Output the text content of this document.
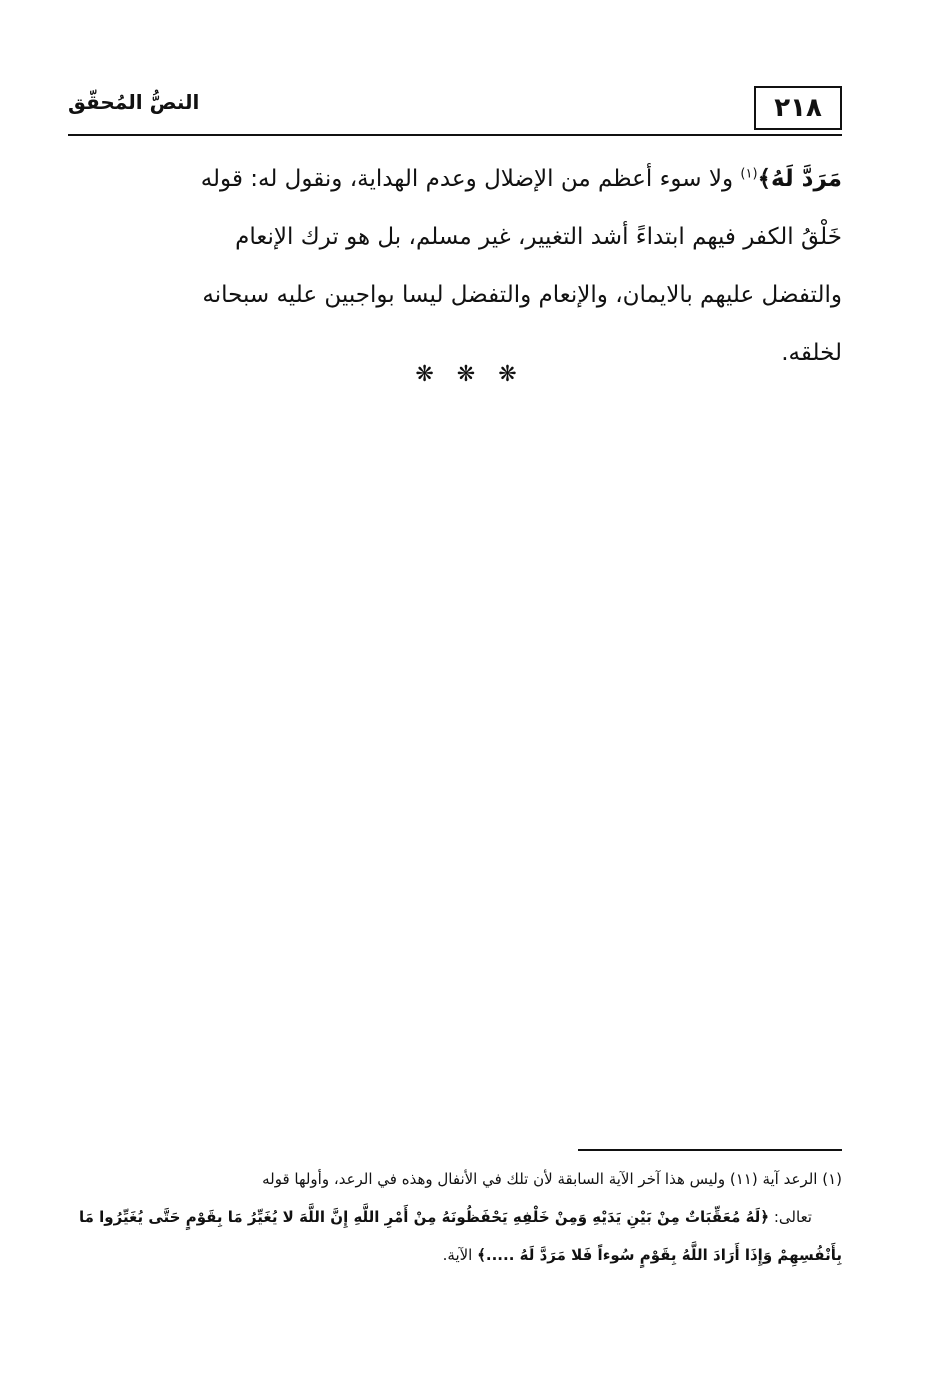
٢١٨
النصُّ المُحقّق

مَرَدَّ لَهُ﴾$^{(١)}$ ولا سوء أعظم من الإضلال وعدم الهداية، ونقول له: قوله

خَلْقُ الكفر فيهم ابتداءً أشد التغيير، غير مسلم، بل هو ترك الإنعام

والتفضل عليهم بالايمان، والإنعام والتفضل ليسا بواجبين عليه سبحانه

لخلقه.

❋ ❋ ❋

(١) الرعد آية (١١) وليس هذا آخر الآية السابقة لأن تلك في الأنفال وهذه في الرعد، وأولها قوله

تعالى: ﴿لَهُ مُعَقِّبَاتٌ مِنْ بَيْنِ يَدَيْهِ وَمِنْ خَلْفِهِ يَحْفَظُونَهُ مِنْ أَمْرِ اللَّهِ إِنَّ اللَّهَ لا يُغَيِّرُ مَا بِقَوْمٍ حَتَّى يُغَيِّرُوا مَا

بِأَنْفُسِهِمْ وَإِذَا أَرَادَ اللَّهُ بِقَوْمٍ سُوءاً فَلا مَرَدَّ لَهُ .....﴾ الآية.
